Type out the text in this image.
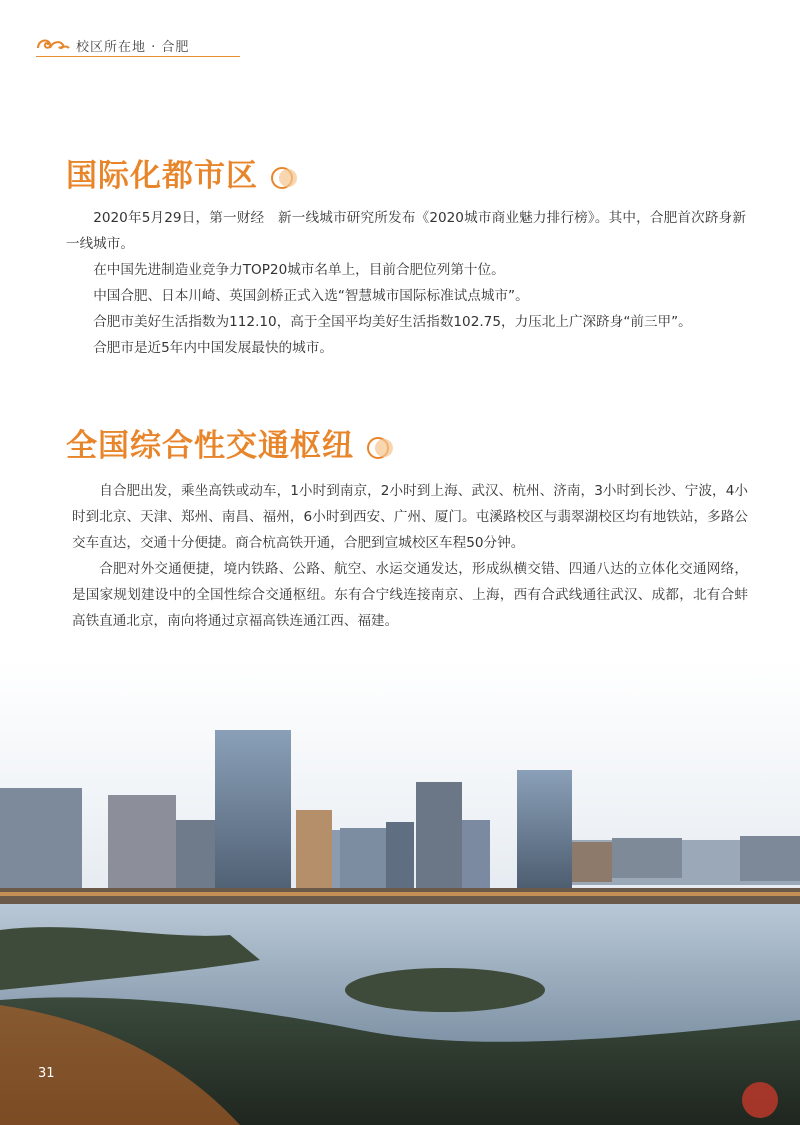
校区所在地 · 合肥
国际化都市区

2020年5月29日，第一财经　新一线城市研究所发布《2020城市商业魅力排行榜》。其中，合肥首次跻身新一线城市。

在中国先进制造业竞争力TOP20城市名单上，目前合肥位列第十位。

中国合肥、日本川崎、英国剑桥正式入选“智慧城市国际标准试点城市”。

合肥市美好生活指数为112.10，高于全国平均美好生活指数102.75，力压北上广深跻身“前三甲”。

合肥市是近5年内中国发展最快的城市。

全国综合性交通枢纽

自合肥出发，乘坐高铁或动车，1小时到南京，2小时到上海、武汉、杭州、济南，3小时到长沙、宁波，4小时到北京、天津、郑州、南昌、福州，6小时到西安、广州、厦门。屯溪路校区与翡翠湖校区均有地铁站，多路公交车直达，交通十分便捷。商合杭高铁开通，合肥到宣城校区车程50分钟。

合肥对外交通便捷，境内铁路、公路、航空、水运交通发达，形成纵横交错、四通八达的立体化交通网络，是国家规划建设中的全国性综合交通枢纽。东有合宁线连接南京、上海，西有合武线通往武汉、成都，北有合蚌高铁直通北京，南向将通过京福高铁连通江西、福建。

31
